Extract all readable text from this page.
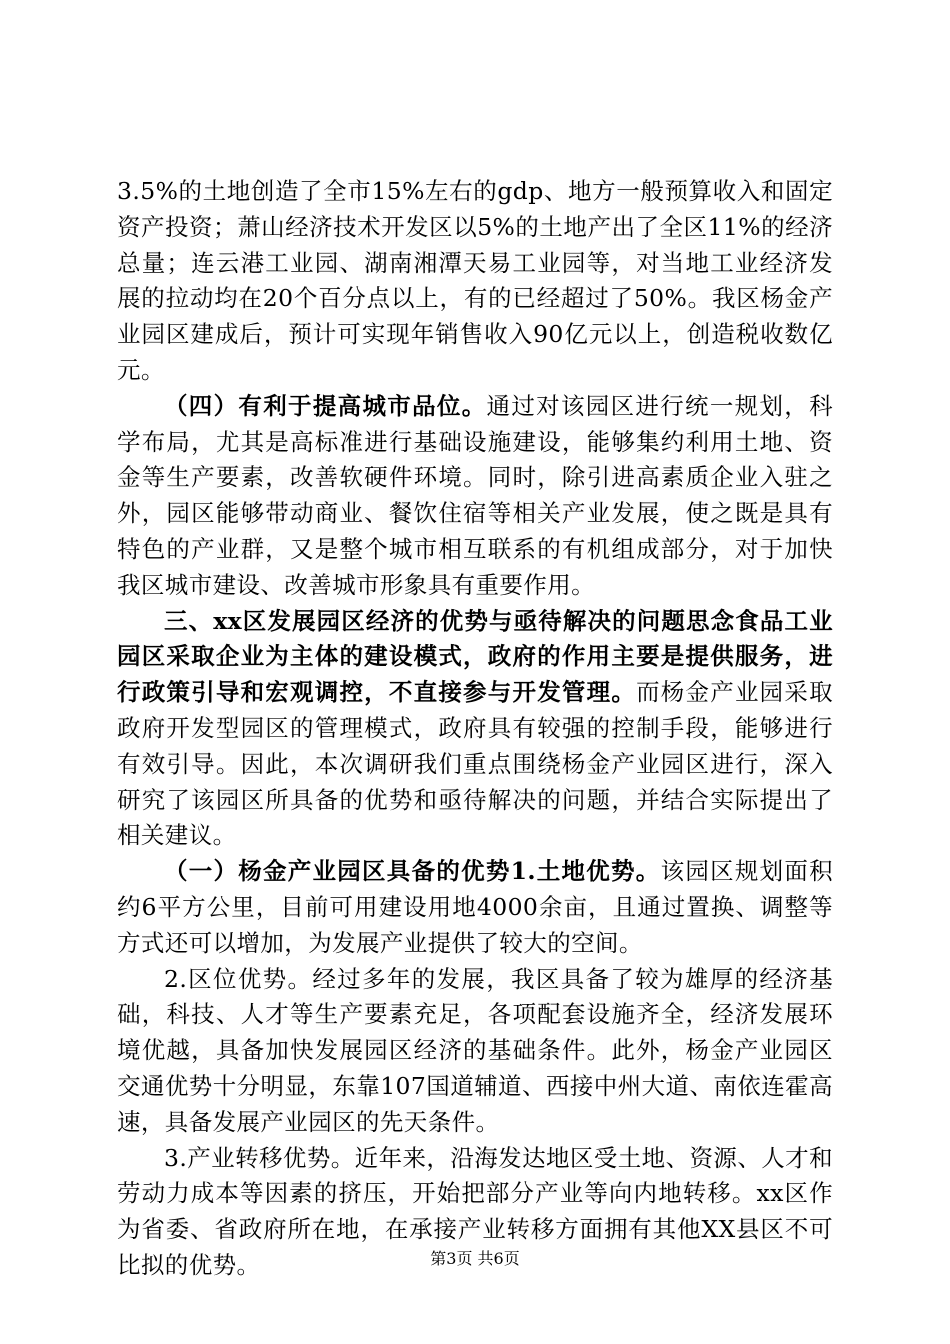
3.5%的土地创造了全市15%左右的gdp、地方一般预算收入和固定资产投资；萧山经济技术开发区以5%的土地产出了全区11%的经济总量；连云港工业园、湖南湘潭天易工业园等，对当地工业经济发展的拉动均在20个百分点以上，有的已经超过了50%。我区杨金产业园区建成后，预计可实现年销售收入90亿元以上，创造税收数亿元。

（四）有利于提高城市品位。通过对该园区进行统一规划，科学布局，尤其是高标准进行基础设施建设，能够集约利用土地、资金等生产要素，改善软硬件环境。同时，除引进高素质企业入驻之外，园区能够带动商业、餐饮住宿等相关产业发展，使之既是具有特色的产业群，又是整个城市相互联系的有机组成部分，对于加快我区城市建设、改善城市形象具有重要作用。

三、xx区发展园区经济的优势与亟待解决的问题思念食品工业园区采取企业为主体的建设模式，政府的作用主要是提供服务，进行政策引导和宏观调控，不直接参与开发管理。而杨金产业园采取政府开发型园区的管理模式，政府具有较强的控制手段，能够进行有效引导。因此，本次调研我们重点围绕杨金产业园区进行，深入研究了该园区所具备的优势和亟待解决的问题，并结合实际提出了相关建议。

（一）杨金产业园区具备的优势1.土地优势。该园区规划面积约6平方公里，目前可用建设用地4000余亩，且通过置换、调整等方式还可以增加，为发展产业提供了较大的空间。

2.区位优势。经过多年的发展，我区具备了较为雄厚的经济基础，科技、人才等生产要素充足，各项配套设施齐全，经济发展环境优越，具备加快发展园区经济的基础条件。此外，杨金产业园区交通优势十分明显，东靠107国道辅道、西接中州大道、南依连霍高速，具备发展产业园区的先天条件。

3.产业转移优势。近年来，沿海发达地区受土地、资源、人才和劳动力成本等因素的挤压，开始把部分产业等向内地转移。xx区作为省委、省政府所在地，在承接产业转移方面拥有其他XX县区不可比拟的优势。	第3页 共6页
